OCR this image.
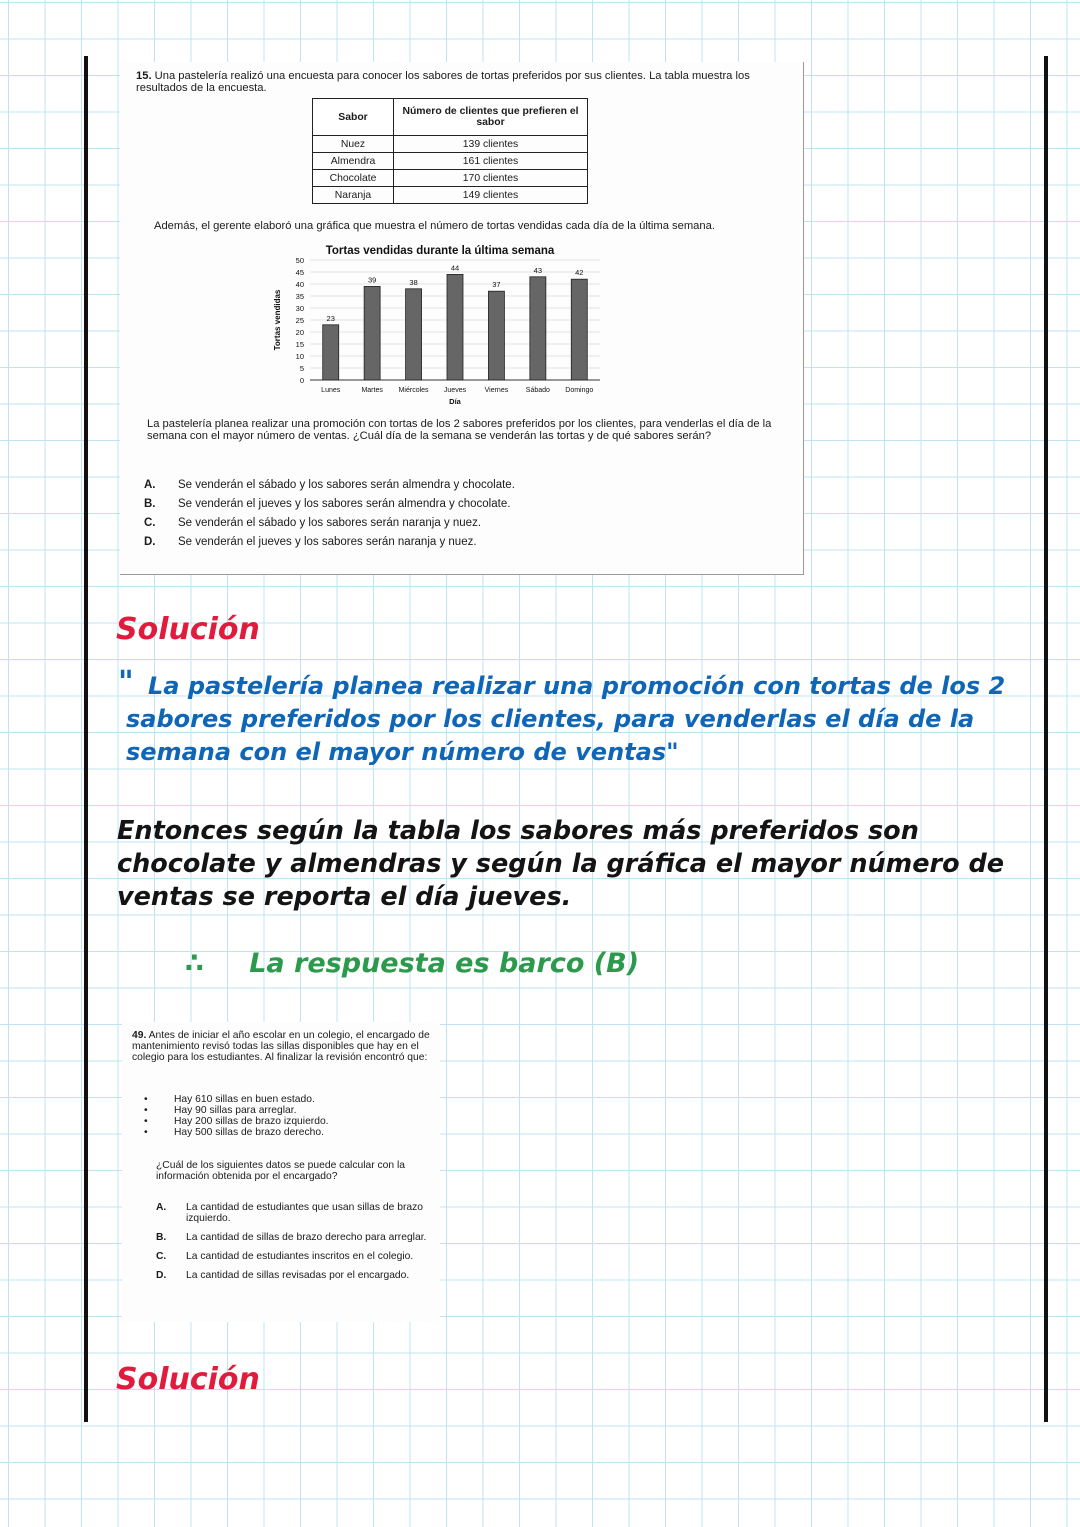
15. Una pastelería realizó una encuesta para conocer los sabores de tortas preferidos por sus clientes. La tabla muestra los resultados de la encuesta.

Sabor	Número de clientes que prefieren el sabor
Nuez	139 clientes
Almendra	161 clientes
Chocolate	170 clientes
Naranja	149 clientes

Además, el gerente elaboró una gráfica que muestra el número de tortas vendidas cada día de la última semana.

Tortas vendidas durante la última semana
0
5
10
15
20
25
30
35
40
45
50
Tortas vendidas	23
Lunes
39
Martes
38
Miércoles
44
Jueves
37
Viernes
43
Sábado
42
Domingo
Día

La pastelería planea realizar una promoción con tortas de los 2 sabores preferidos por los clientes, para venderlas el día de la semana con el mayor número de ventas. ¿Cuál día de la semana se venderán las tortas y de qué sabores serán?

A. Se venderán el sábado y los sabores serán almendra y chocolate.
B. Se venderán el jueves y los sabores serán almendra y chocolate.
C. Se venderán el sábado y los sabores serán naranja y nuez.
D. Se venderán el jueves y los sabores serán naranja y nuez.
Solución
" La pastelería planea realizar una promoción con tortas de los 2 sabores preferidos por los clientes, para venderlas el día de la semana con el mayor número de ventas"
Entonces según la tabla los sabores más preferidos son chocolate y almendras y según la gráfica el mayor número de ventas se reporta el día jueves.
∴ La respuesta es barco (B)
49. Antes de iniciar el año escolar en un colegio, el encargado de mantenimiento revisó todas las sillas disponibles que hay en el colegio para los estudiantes. Al finalizar la revisión encontró que:
• Hay 610 sillas en buen estado.
• Hay 90 sillas para arreglar.
• Hay 200 sillas de brazo izquierdo.
• Hay 500 sillas de brazo derecho.
¿Cuál de los siguientes datos se puede calcular con la información obtenida por el encargado?
A. La cantidad de estudiantes que usan sillas de brazo izquierdo.
B. La cantidad de sillas de brazo derecho para arreglar.
C. La cantidad de estudiantes inscritos en el colegio.
D. La cantidad de sillas revisadas por el encargado.
Solución
